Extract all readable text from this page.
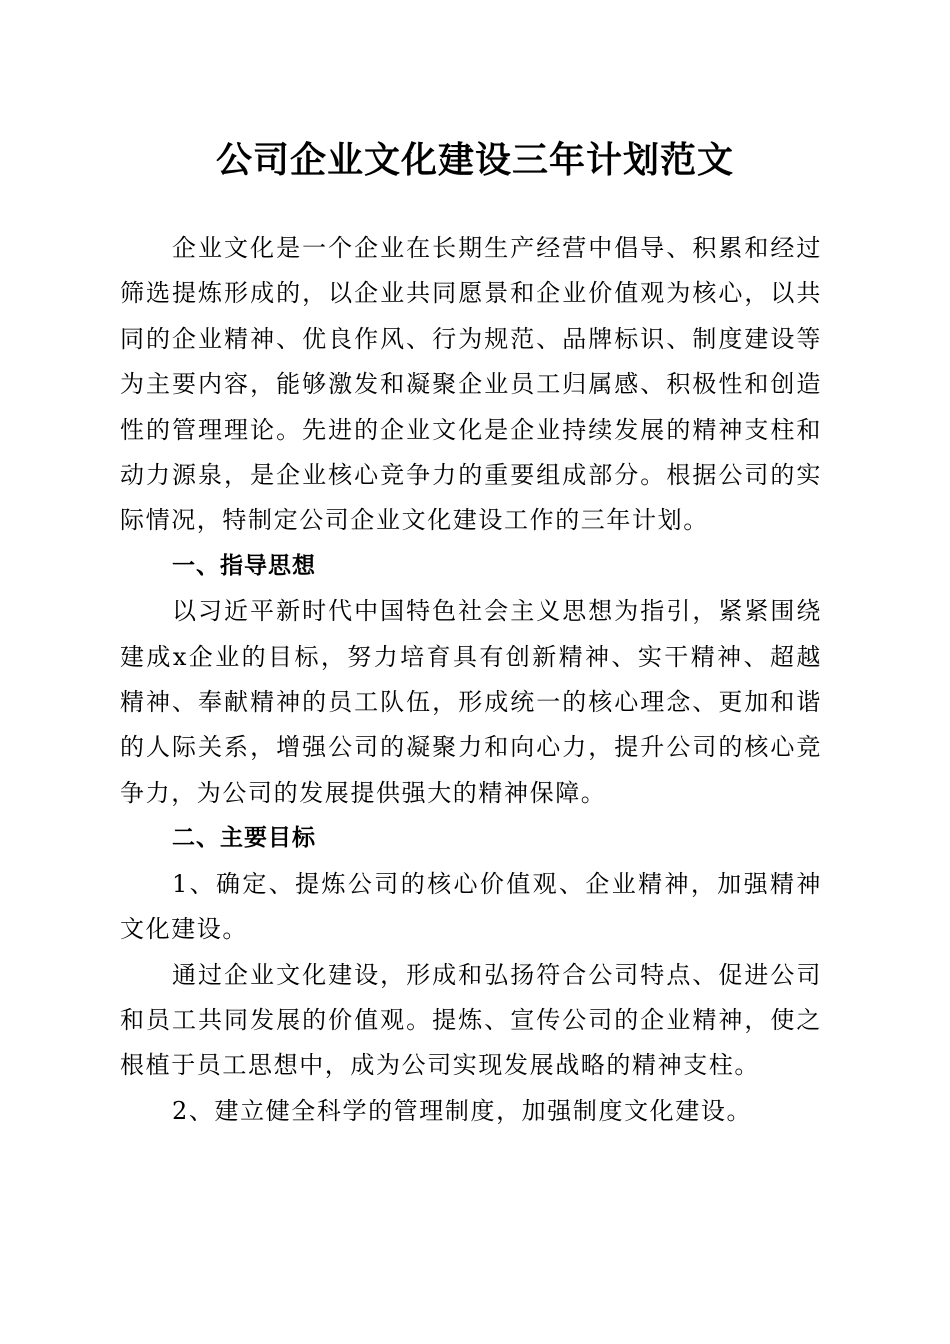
公司企业文化建设三年计划范文

企业文化是一个企业在长期生产经营中倡导、积累和经过筛选提炼形成的，以企业共同愿景和企业价值观为核心，以共同的企业精神、优良作风、行为规范、品牌标识、制度建设等为主要内容，能够激发和凝聚企业员工归属感、积极性和创造性的管理理论。先进的企业文化是企业持续发展的精神支柱和动力源泉，是企业核心竞争力的重要组成部分。根据公司的实际情况，特制定公司企业文化建设工作的三年计划。

一、指导思想

以习近平新时代中国特色社会主义思想为指引，紧紧围绕建成x企业的目标，努力培育具有创新精神、实干精神、超越精神、奉献精神的员工队伍，形成统一的核心理念、更加和谐的人际关系，增强公司的凝聚力和向心力，提升公司的核心竞争力，为公司的发展提供强大的精神保障。

二、主要目标

1、确定、提炼公司的核心价值观、企业精神，加强精神文化建设。

通过企业文化建设，形成和弘扬符合公司特点、促进公司和员工共同发展的价值观。提炼、宣传公司的企业精神，使之根植于员工思想中，成为公司实现发展战略的精神支柱。

2、建立健全科学的管理制度，加强制度文化建设。
